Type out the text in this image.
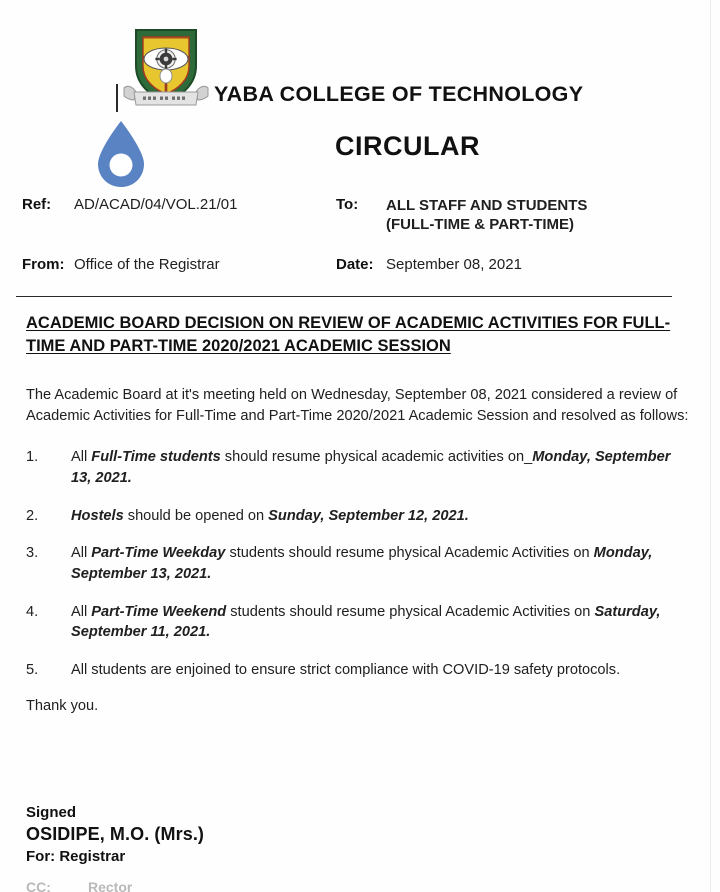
YABA COLLEGE OF TECHNOLOGY
CIRCULAR
Ref:	AD/ACAD/04/VOL.21/01	To:	ALL STAFF AND STUDENTS
(FULL-TIME & PART-TIME)
From: Office of the Registrar	Date: September 08, 2021
ACADEMIC BOARD DECISION ON REVIEW OF ACADEMIC ACTIVITIES FOR FULL-TIME AND PART-TIME 2020/2021 ACADEMIC SESSION

The Academic Board at it's meeting held on Wednesday, September 08, 2021 considered a review of Academic Activities for Full-Time and Part-Time 2020/2021 Academic Session and resolved as follows:

1.	All Full-Time students should resume physical academic activities on_Monday, September 13, 2021.
2.	Hostels should be opened on Sunday, September 12, 2021.
3.	All Part-Time Weekday students should resume physical Academic Activities on Monday, September 13, 2021.
4.	All Part-Time Weekend students should resume physical Academic Activities on Saturday, September 11, 2021.
5.	All students are enjoined to ensure strict compliance with COVID-19 safety protocols.

Thank you.

Signed
OSIDIPE, M.O. (Mrs.)
For: Registrar
CC:	Rector
